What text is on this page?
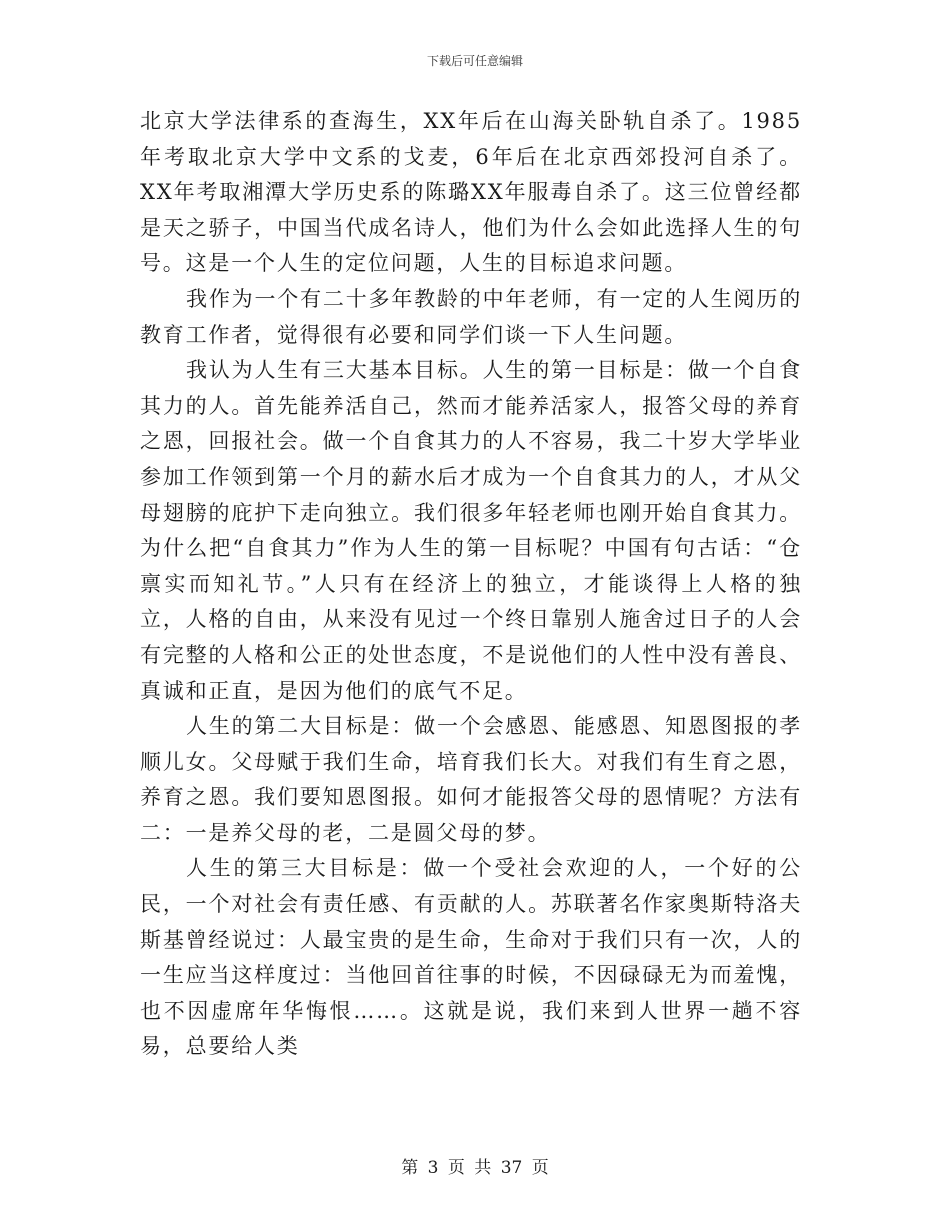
下载后可任意编辑

北京大学法律系的查海生，XX年后在山海关卧轨自杀了。1985年考取北京大学中文系的戈麦，6年后在北京西郊投河自杀了。XX年考取湘潭大学历史系的陈璐XX年服毒自杀了。这三位曾经都是天之骄子，中国当代成名诗人，他们为什么会如此选择人生的句号。这是一个人生的定位问题，人生的目标追求问题。

我作为一个有二十多年教龄的中年老师，有一定的人生阅历的教育工作者，觉得很有必要和同学们谈一下人生问题。

我认为人生有三大基本目标。人生的第一目标是：做一个自食其力的人。首先能养活自己，然而才能养活家人，报答父母的养育之恩，回报社会。做一个自食其力的人不容易，我二十岁大学毕业参加工作领到第一个月的薪水后才成为一个自食其力的人，才从父母翅膀的庇护下走向独立。我们很多年轻老师也刚开始自食其力。为什么把“自食其力”作为人生的第一目标呢？中国有句古话：“仓禀实而知礼节。”人只有在经济上的独立，才能谈得上人格的独立，人格的自由，从来没有见过一个终日靠别人施舍过日子的人会有完整的人格和公正的处世态度，不是说他们的人性中没有善良、真诚和正直，是因为他们的底气不足。

人生的第二大目标是：做一个会感恩、能感恩、知恩图报的孝顺儿女。父母赋于我们生命，培育我们长大。对我们有生育之恩，养育之恩。我们要知恩图报。如何才能报答父母的恩情呢？方法有二：一是养父母的老，二是圆父母的梦。

人生的第三大目标是：做一个受社会欢迎的人，一个好的公民，一个对社会有责任感、有贡献的人。苏联著名作家奥斯特洛夫斯基曾经说过：人最宝贵的是生命，生命对于我们只有一次，人的一生应当这样度过：当他回首往事的时候，不因碌碌无为而羞愧，也不因虚席年华悔恨……。这就是说，我们来到人世界一趟不容易，总要给人类

第 3 页 共 37 页
